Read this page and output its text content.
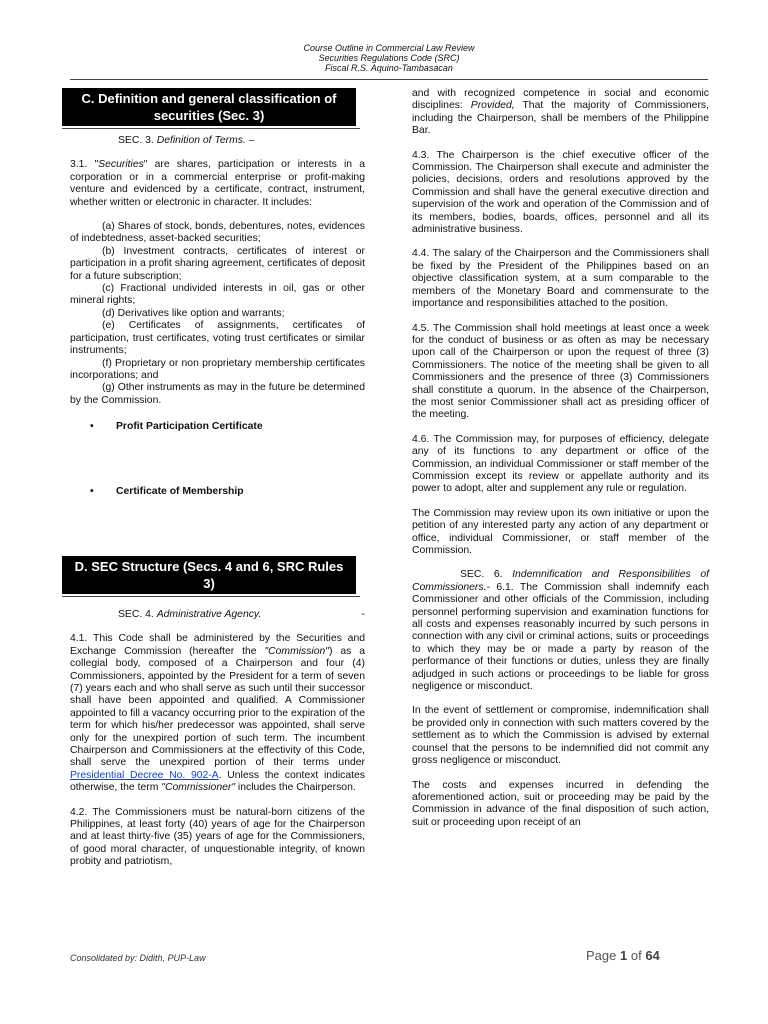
Course Outline in Commercial Law Review
Securities Regulations Code (SRC)
Fiscal R.S. Aquino-Tambasacan
C. Definition and general classification of securities (Sec. 3)

SEC. 3. Definition of Terms. –

3.1. "Securities" are shares, participation or interests in a corporation or in a commercial enterprise or profit-making venture and evidenced by a certificate, contract, instrument, whether written or electronic in character. It includes:

(a) Shares of stock, bonds, debentures, notes, evidences of indebtedness, asset-backed securities;

(b) Investment contracts, certificates of interest or participation in a profit sharing agreement, certificates of deposit for a future subscription;

(c) Fractional undivided interests in oil, gas or other mineral rights;

(d) Derivatives like option and warrants;

(e) Certificates of assignments, certificates of participation, trust certificates, voting trust certificates or similar instruments;

(f) Proprietary or non proprietary membership certificates incorporations; and

(g) Other instruments as may in the future be determined by the Commission.

•	Profit Participation Certificate
•	Certificate of Membership
D. SEC Structure (Secs. 4 and 6, SRC Rules 3)

SEC. 4. Administrative Agency.	-

4.1. This Code shall be administered by the Securities and Exchange Commission (hereafter the "Commission") as a collegial body, composed of a Chairperson and four (4) Commissioners, appointed by the President for a term of seven (7) years each and who shall serve as such until their successor shall have been appointed and qualified. A Commissioner appointed to fill a vacancy occurring prior to the expiration of the term for which his/her predecessor was appointed, shall serve only for the unexpired portion of such term. The incumbent Chairperson and Commissioners at the effectivity of this Code, shall serve the unexpired portion of their terms under Presidential Decree No. 902-A. Unless the context indicates otherwise, the term "Commissioner" includes the Chairperson.

4.2. The Commissioners must be natural-born citizens of the Philippines, at least forty (40) years of age for the Chairperson and at least thirty-five (35) years of age for the Commissioners, of good moral character, of unquestionable integrity, of known probity and patriotism,

and with recognized competence in social and economic disciplines: Provided, That the majority of Commissioners, including the Chairperson, shall be members of the Philippine Bar.

4.3. The Chairperson is the chief executive officer of the Commission. The Chairperson shall execute and administer the policies, decisions, orders and resolutions approved by the Commission and shall have the general executive direction and supervision of the work and operation of the Commission and of its members, bodies, boards, offices, personnel and all its administrative business.

4.4. The salary of the Chairperson and the Commissioners shall be fixed by the President of the Philippines based on an objective classification system, at a sum comparable to the members of the Monetary Board and commensurate to the importance and responsibilities attached to the position.

4.5. The Commission shall hold meetings at least once a week for the conduct of business or as often as may be necessary upon call of the Chairperson or upon the request of three (3) Commissioners. The notice of the meeting shall be given to all Commissioners and the presence of three (3) Commissioners shall constitute a quorum. In the absence of the Chairperson, the most senior Commissioner shall act as presiding officer of the meeting.

4.6. The Commission may, for purposes of efficiency, delegate any of its functions to any department or office of the Commission, an individual Commissioner or staff member of the Commission except its review or appellate authority and its power to adopt, alter and supplement any rule or regulation.

The Commission may review upon its own initiative or upon the petition of any interested party any action of any department or office, individual Commissioner, or staff member of the Commission.

SEC. 6. Indemnification and Responsibilities of Commissioners.- 6.1. The Commission shall indemnify each Commissioner and other officials of the Commission, including personnel performing supervision and examination functions for all costs and expenses reasonably incurred by such persons in connection with any civil or criminal actions, suits or proceedings to which they may be or made a party by reason of the performance of their functions or duties, unless they are finally adjudged in such actions or proceedings to be liable for gross negligence or misconduct.

In the event of settlement or compromise, indemnification shall be provided only in connection with such matters covered by the settlement as to which the Commission is advised by external counsel that the persons to be indemnified did not commit any gross negligence or misconduct.

The costs and expenses incurred in defending the aforementioned action, suit or proceeding may be paid by the Commission in advance of the final disposition of such action, suit or proceeding upon receipt of an

Consolidated by: Didith, PUP-Law	Page 1 of 64
